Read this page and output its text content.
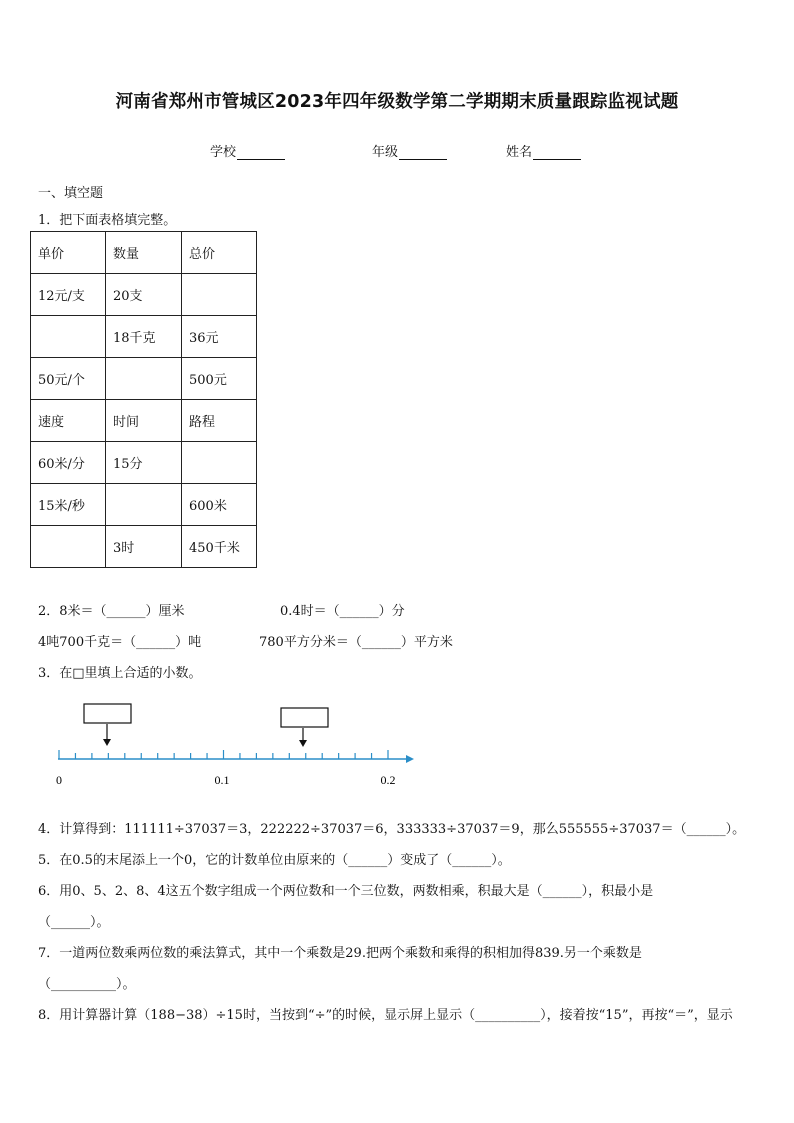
河南省郑州市管城区2023年四年级数学第二学期期末质量跟踪监视试题
学校	年级	姓名
一、填空题
1．把下面表格填完整。
单价	数量	总价
12元/支	20支	
	18千克	36元
50元/个		500元
速度	时间	路程
60米/分	15分	
15米/秒		600米
	3时	450千米
2．8米＝（______）厘米	0.4时＝（______）分
4吨700千克＝（______）吨	780平方分米＝（______）平方米
3．在□里填上合适的小数。
0	0.1	0.2
4．计算得到：111111÷37037＝3，222222÷37037＝6，333333÷37037＝9，那么555555÷37037＝（______）。
5．在0.5的末尾添上一个0，它的计数单位由原来的（______）变成了（______）。
6．用0、5、2、8、4这五个数字组成一个两位数和一个三位数，两数相乘，积最大是（______），积最小是
（______）。
7．一道两位数乘两位数的乘法算式，其中一个乘数是29.把两个乘数和乘得的积相加得839.另一个乘数是
（__________）。
8．用计算器计算（188−38）÷15时，当按到“÷”的时候，显示屏上显示（__________），接着按“15”，再按“＝”，显示
